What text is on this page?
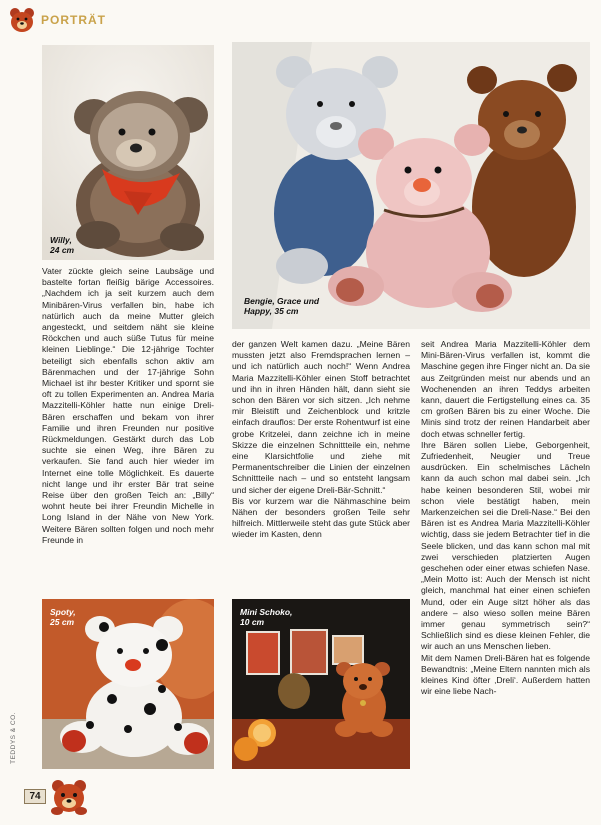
PORTRÄT
Willy,
24 cm
Bengie, Grace und
Happy, 35 cm

Vater zückte gleich seine Laubsäge und bastelte fortan fleißig bärige Accessoires. „Nachdem ich ja seit kurzem auch dem Minibären-Virus verfallen bin, habe ich natürlich auch da meine Mutter gleich angesteckt, und seitdem näht sie kleine Röckchen und auch süße Tutus für meine kleinen Lieblinge.“ Die 12-jährige Tochter beteiligt sich ebenfalls schon aktiv am Bärenmachen und der 17-jährige Sohn Michael ist ihr bester Kritiker und spornt sie oft zu tollen Experimenten an. Andrea Maria Mazzitelli-Köhler hatte nun einige Dreli-Bären erschaffen und bekam von ihrer Familie und ihren Freunden nur positive Rückmeldungen. Gestärkt durch das Lob suchte sie einen Weg, ihre Bären zu verkaufen. Sie fand auch hier wieder im Internet eine tolle Möglichkeit. Es dauerte nicht lange und ihr erster Bär trat seine Reise über den großen Teich an: „Billy“ wohnt heute bei ihrer Freundin Michelle in Long Island in der Nähe von New York. Weitere Bären sollten folgen und noch mehr Freunde in

der ganzen Welt kamen dazu. „Meine Bären mussten jetzt also Fremdsprachen lernen – und ich natürlich auch noch!“ Wenn Andrea Maria Mazzitelli-Köhler einen Stoff betrachtet und ihn in ihren Händen hält, dann sieht sie schon den Bären vor sich sitzen. „Ich nehme mir Bleistift und Zeichenblock und kritzle einfach drauflos: Der erste Rohentwurf ist eine grobe Kritzelei, dann zeichne ich in meine Skizze die einzelnen Schnittteile ein, nehme eine Klarsichtfolie und ziehe mit Permanentschreiber die Linien der einzelnen Schnittteile nach – und so entsteht langsam und sicher der eigene Dreli-Bär-Schnitt.“

Bis vor kurzem war die Nähmaschine beim Nähen der besonders großen Teile sehr hilfreich. Mittlerweile steht das gute Stück aber wieder im Kasten, denn

seit Andrea Maria Mazzitelli-Köhler dem Mini-Bären-Virus verfallen ist, kommt die Maschine gegen ihre Finger nicht an. Da sie aus Zeitgründen meist nur abends und an Wochenenden an ihren Teddys arbeiten kann, dauert die Fertigstellung eines ca. 35 cm großen Bären bis zu einer Woche. Die Minis sind trotz der reinen Handarbeit aber doch etwas schneller fertig.

Ihre Bären sollen Liebe, Geborgenheit, Zufriedenheit, Neugier und Treue ausdrücken. Ein schelmisches Lächeln kann da auch schon mal dabei sein. „Ich habe keinen besonderen Stil, wobei mir schon viele bestätigt haben, mein Markenzeichen sei die Dreli-Nase.“ Bei den Bären ist es Andrea Maria Mazzitelli-Köhler wichtig, dass sie jedem Betrachter tief in die Seele blicken, und das kann schon mal mit zwei verschieden platzierten Augen geschehen oder einer etwas schiefen Nase. „Mein Motto ist: Auch der Mensch ist nicht gleich, manchmal hat einer einen schiefen Mund, oder ein Auge sitzt höher als das andere – also wieso sollen meine Bären immer genau symmetrisch sein?“ Schließlich sind es diese kleinen Fehler, die wir auch an uns Menschen lieben.

Mit dem Namen Dreli-Bären hat es folgende Bewandtnis: „Meine Eltern nannten mich als kleines Kind öfter ‚Dreli‘. Außerdem hatten wir eine liebe Nach-

Spoty,
25 cm
Mini Schoko,
10 cm
TEDDYS & CO.
74
